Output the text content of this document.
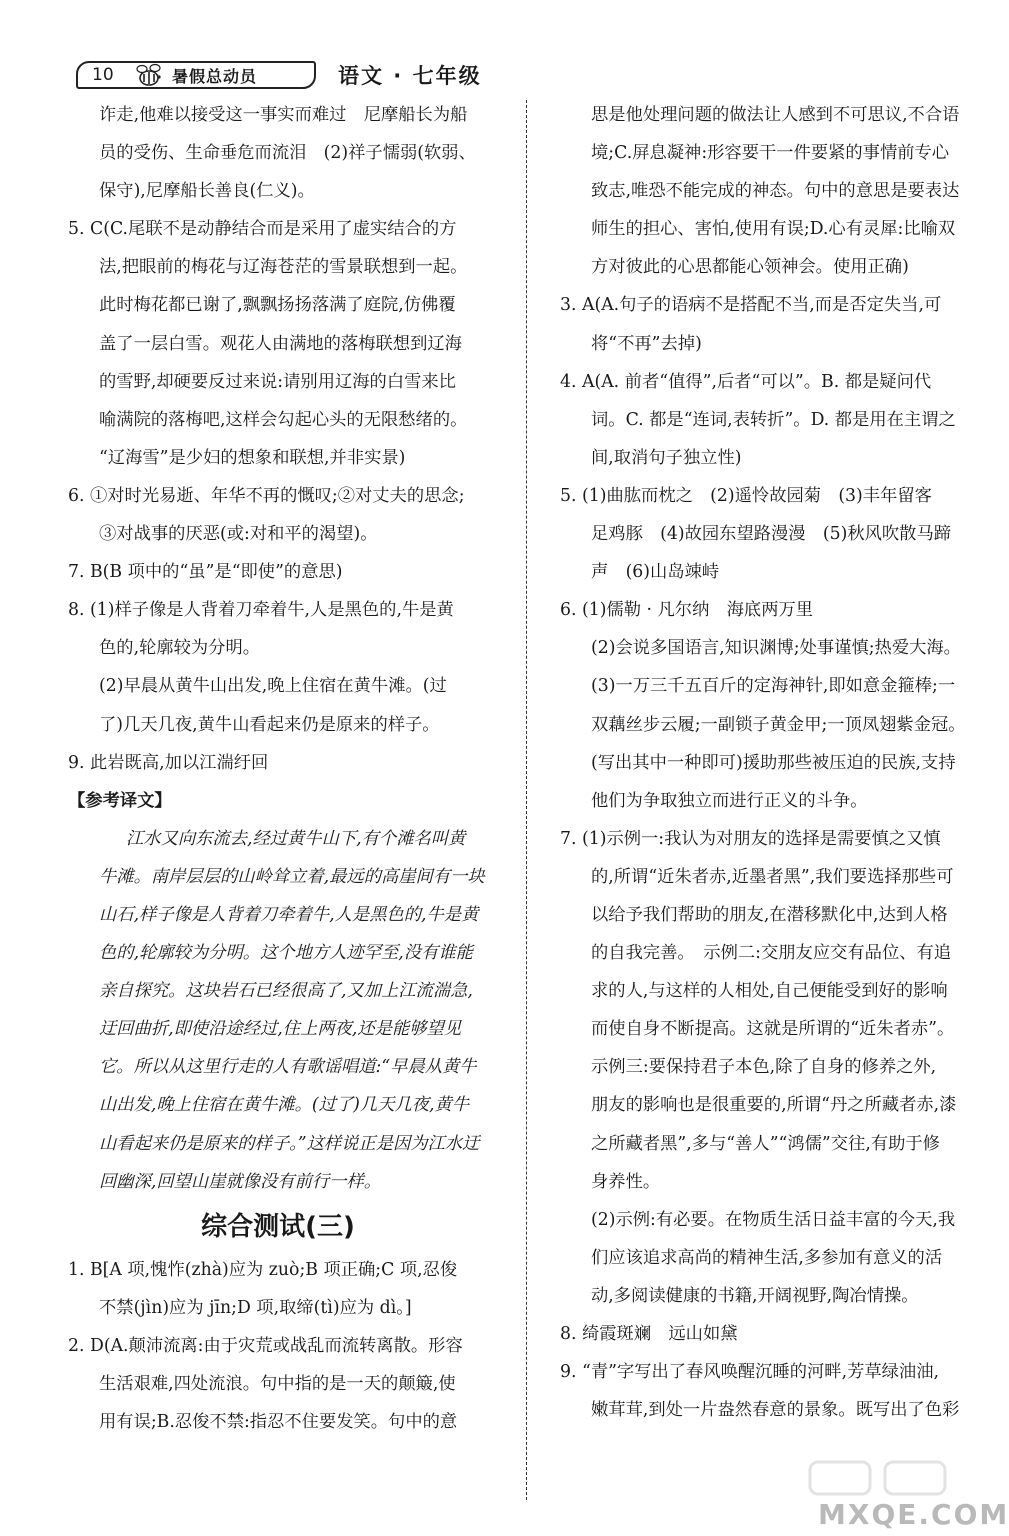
10	暑假总动员	语文 · 七年级
诈走,他难以接受这一事实而难过　尼摩船长为船
员的受伤、生命垂危而流泪　(2)祥子懦弱(软弱、
保守),尼摩船长善良(仁义)。
5. C(C.尾联不是动静结合而是采用了虚实结合的方
法,把眼前的梅花与辽海苍茫的雪景联想到一起。
此时梅花都已谢了,飘飘扬扬落满了庭院,仿佛覆
盖了一层白雪。观花人由满地的落梅联想到辽海
的雪野,却硬要反过来说:请别用辽海的白雪来比
喻满院的落梅吧,这样会勾起心头的无限愁绪的。
“辽海雪”是少妇的想象和联想,并非实景)
6. ①对时光易逝、年华不再的慨叹;②对丈夫的思念;
③对战事的厌恶(或:对和平的渴望)。
7. B(B 项中的“虽”是“即使”的意思)
8. (1)样子像是人背着刀牵着牛,人是黑色的,牛是黄
色的,轮廓较为分明。
(2)早晨从黄牛山出发,晚上住宿在黄牛滩。(过
了)几天几夜,黄牛山看起来仍是原来的样子。
9. 此岩既高,加以江湍纡回
【参考译文】
江水又向东流去,经过黄牛山下,有个滩名叫黄
牛滩。南岸层层的山岭耸立着,最远的高崖间有一块
山石,样子像是人背着刀牵着牛,人是黑色的,牛是黄
色的,轮廓较为分明。这个地方人迹罕至,没有谁能
亲自探究。这块岩石已经很高了,又加上江流湍急,
迂回曲折,即使沿途经过,住上两夜,还是能够望见
它。所以从这里行走的人有歌谣唱道:“早晨从黄牛
山出发,晚上住宿在黄牛滩。(过了)几天几夜,黄牛
山看起来仍是原来的样子。”这样说正是因为江水迂
回幽深,回望山崖就像没有前行一样。
综合测试(三)
1. B[A 项,愧怍(zhà)应为 zuò;B 项正确;C 项,忍俊
不禁(jìn)应为 jīn;D 项,取缔(tì)应为 dì。]
2. D(A.颠沛流离:由于灾荒或战乱而流转离散。形容
生活艰难,四处流浪。句中指的是一天的颠簸,使
用有误;B.忍俊不禁:指忍不住要发笑。句中的意
思是他处理问题的做法让人感到不可思议,不合语
境;C.屏息凝神:形容要干一件要紧的事情前专心
致志,唯恐不能完成的神态。句中的意思是要表达
师生的担心、害怕,使用有误;D.心有灵犀:比喻双
方对彼此的心思都能心领神会。使用正确)
3. A(A.句子的语病不是搭配不当,而是否定失当,可
将“不再”去掉)
4. A(A. 前者“值得”,后者“可以”。B. 都是疑问代
词。C. 都是“连词,表转折”。D. 都是用在主谓之
间,取消句子独立性)
5. (1)曲肱而枕之　(2)遥怜故园菊　(3)丰年留客
足鸡豚　(4)故园东望路漫漫　(5)秋风吹散马蹄
声　(6)山岛竦峙
6. (1)儒勒 · 凡尔纳　海底两万里
(2)会说多国语言,知识渊博;处事谨慎;热爱大海。
(3)一万三千五百斤的定海神针,即如意金箍棒;一
双藕丝步云履;一副锁子黄金甲;一顶凤翅紫金冠。
(写出其中一种即可)援助那些被压迫的民族,支持
他们为争取独立而进行正义的斗争。
7. (1)示例一:我认为对朋友的选择是需要慎之又慎
的,所谓“近朱者赤,近墨者黑”,我们要选择那些可
以给予我们帮助的朋友,在潜移默化中,达到人格
的自我完善。　示例二:交朋友应交有品位、有追
求的人,与这样的人相处,自己便能受到好的影响
而使自身不断提高。这就是所谓的“近朱者赤”。
示例三:要保持君子本色,除了自身的修养之外,
朋友的影响也是很重要的,所谓“丹之所藏者赤,漆
之所藏者黑”,多与“善人”“鸿儒”交往,有助于修
身养性。
(2)示例:有必要。在物质生活日益丰富的今天,我
们应该追求高尚的精神生活,多参加有意义的活
动,多阅读健康的书籍,开阔视野,陶冶情操。
8. 绮霞斑斓　远山如黛
9. “青”字写出了春风唤醒沉睡的河畔,芳草绿油油,
嫩茸茸,到处一片盎然春意的景象。既写出了色彩
MXQE.COM
